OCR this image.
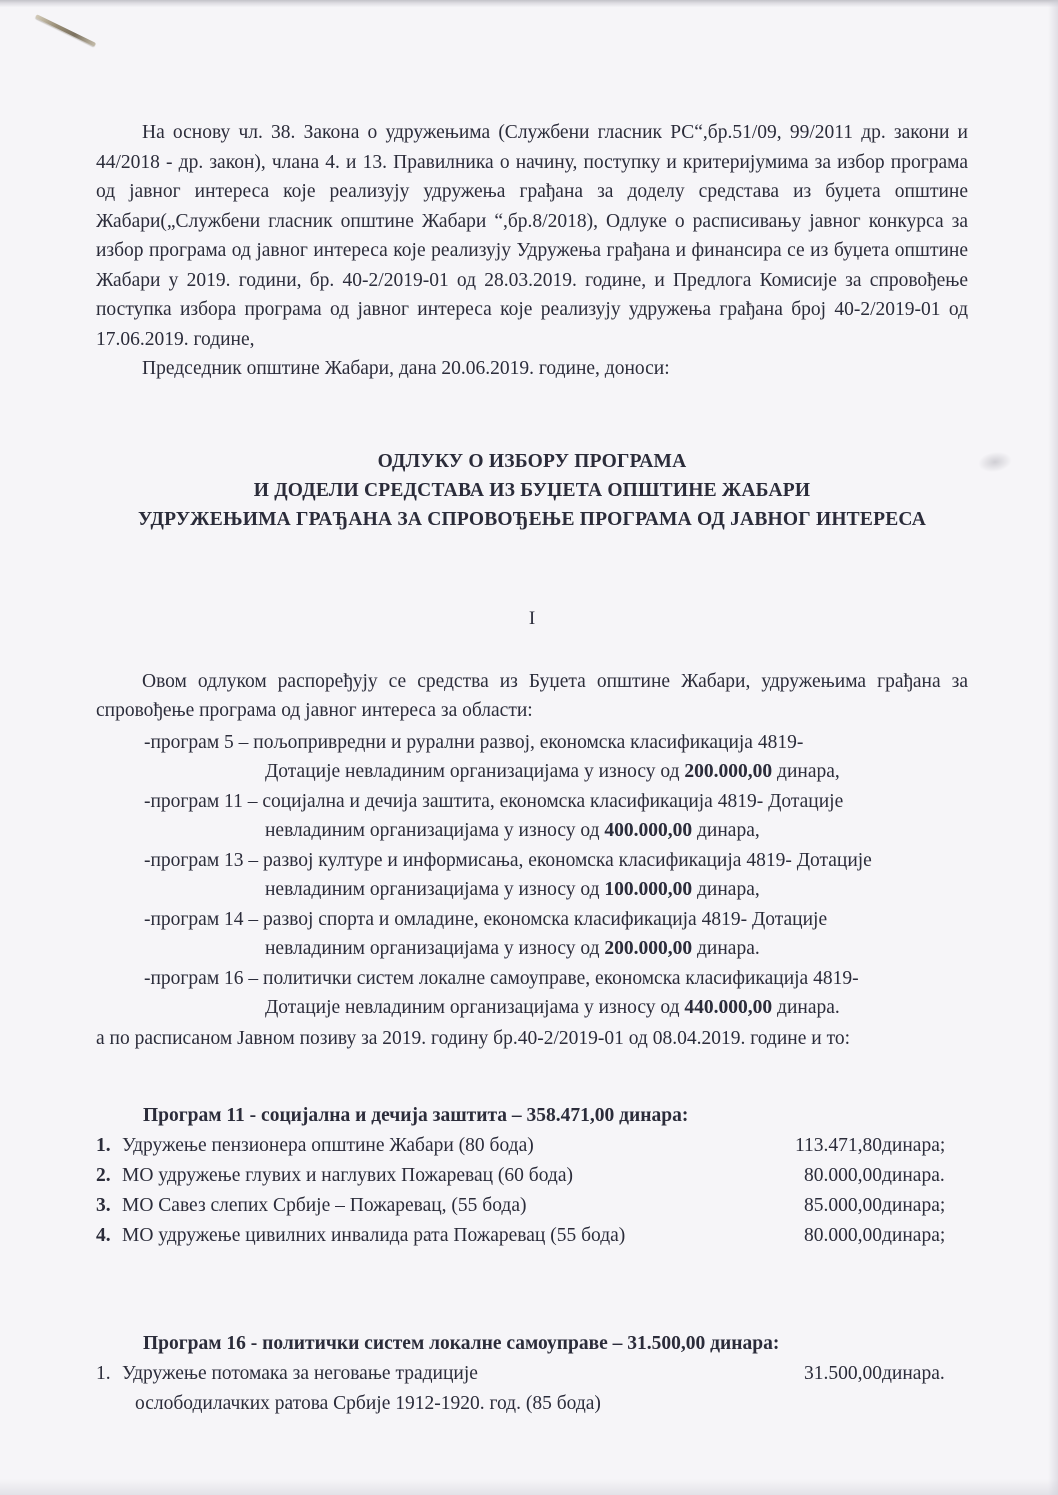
На основу чл. 38. Закона о удружењима (Службени гласник РС“,бр.51/09, 99/2011 др. закони и 44/2018 - др. закон), члана 4. и 13. Правилника о начину, поступку и критеријумима за избор програма од јавног интереса које реализују удружења грађана за доделу средстава из буџета општине Жабари(„Службени гласник општине Жабари “,бр.8/2018), Одлуке о расписивању јавног конкурса за избор програма од јавног интереса које реализују Удружења грађана и финансира се из буџета општине Жабари у 2019. години, бр. 40-2/2019-01 од 28.03.2019. године, и Предлога Комисије за спровођење поступка избора програма од јавног интереса које реализују удружења грађана број 40-2/2019-01 од 17.06.2019. године,

Председник општине Жабари, дана 20.06.2019. године, доноси:

ОДЛУКУ О ИЗБОРУ ПРОГРАМА
И ДОДЕЛИ СРЕДСТАВА ИЗ БУЏЕТА ОПШТИНЕ ЖАБАРИ
УДРУЖЕЊИМА ГРАЂАНА ЗА СПРОВОЂЕЊЕ ПРОГРАМА ОД ЈАВНОГ ИНТЕРЕСА
I

Овом одлуком распоређују се средства из Буџета општине Жабари, удружењима грађана за спровођење програма од јавног интереса за области:

-програм 5 – пољопривредни и рурални развој, економска класификација 4819-
Дотације невладиним организацијама у износу од 200.000,00 динара,
-програм 11 – социјална и дечија заштита, економска класификација 4819- Дотације
невладиним организацијама у износу од 400.000,00 динара,
-програм 13 – развој културе и информисања, економска класификација 4819- Дотације
невладиним организацијама у износу од 100.000,00 динара,
-програм 14 – развој спорта и омладине, економска класификација 4819- Дотације
невладиним организацијама у износу од 200.000,00 динара.
-програм 16 – политички систем локалне самоуправе, економска класификација 4819-
Дотације невладиним организацијама у износу од 440.000,00 динара.
а по расписаном Јавном позиву за 2019. годину бр.40-2/2019-01 од 08.04.2019. године и то:
Програм 11 - социјална и дечија заштита – 358.471,00 динара:
1.	Удружење пензионера општине Жабари (80 бода)	113.471,80	динара;
2.	МО удружење глувих и наглувих Пожаревац (60 бода)	80.000,00	динара.
3.	МО Савез слепих Србије – Пожаревац, (55 бода)	85.000,00	динара;
4.	МО удружење цивилних инвалида рата Пожаревац (55 бода)	80.000,00	динара;
Програм 16 - политички систем локалне самоуправе – 31.500,00 динара:
1.	Удружење потомака за неговање традиције
ослободилачких ратова Србије 1912-1920. год. (85 бода)
	31.500,00	динара.
